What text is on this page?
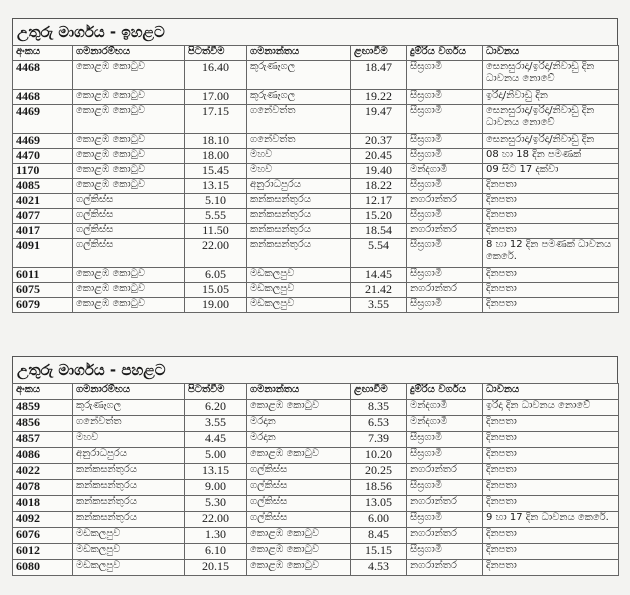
උතුරු මාර්ගය - ඉහළට
අංකය	ගමනාරම්භය	පිටත්වීම	ගමනාන්තය	ළඟාවීම	දුම්රිය වර්ගය	ධාවනය
4468	කොළඹ කොටුව	16.40	කුරුණෑගල	18.47	සීඝ්‍රගාමී	සෙනසුරාදා/ඉරිදා/නිවාඩු දින ධාවනය නොවේ
4468	කොළඹ කොටුව	17.00	කුරුණෑගල	19.22	සීඝ්‍රගාමී	ඉරිදා/නිවාඩු දින
4469	කොළඹ කොටුව	17.15	ගනේවත්ත	19.47	සීඝ්‍රගාමී	සෙනසුරාදා/ඉරිදා/නිවාඩු දින ධාවනය නොවේ
4469	කොළඹ කොටුව	18.10	ගනේවත්ත	20.37	සීඝ්‍රගාමී	සෙනසුරාදා/ඉරිදා/නිවාඩු දින
4470	කොළඹ කොටුව	18.00	මහව	20.45	සීඝ්‍රගාමී	08 හා 18 දින පමණක්
1170	කොළඹ කොටුව	15.45	මහව	19.40	මන්දගාමී	09 සිට 17 දක්වා
4085	කොළඹ කොටුව	13.15	අනුරාධපුරය	18.22	සීඝ්‍රගාමී	දිනපතා
4021	ගල්කිස්ස	5.10	කන්කසන්තුරය	12.17	නගරාන්තර	දිනපතා
4077	ගල්කිස්ස	5.55	කන්කසන්තුරය	15.20	සීඝ්‍රගාමී	දිනපතා
4017	ගල්කිස්ස	11.50	කන්කසන්තුරය	18.54	නගරාන්තර	දිනපතා
4091	ගල්කිස්ස	22.00	කන්කසන්තුරය	5.54	සීඝ්‍රගාමී	8 හා 12 දින පමණක් ධාවනය කෙරේ.
6011	කොළඹ කොටුව	6.05	මඩකලපුව	14.45	සීඝ්‍රගාමී	දිනපතා
6075	කොළඹ කොටුව	15.05	මඩකලපුව	21.42	නගරාන්තර	දිනපතා
6079	කොළඹ කොටුව	19.00	මඩකලපුව	3.55	සීඝ්‍රගාමී	දිනපතා
උතුරු මාර්ගය - පහළට
අංකය	ගමනාරම්භය	පිටත්වීම	ගමනාන්තය	ළඟාවීම	දුම්රිය වර්ගය	ධාවනය
4859	කුරුණෑගල	6.20	කොළඹ කොටුව	8.35	මන්දගාමී	ඉරිදා දින ධාවනය නොවේ
4856	ගනේවත්ත	3.55	මරදාන	6.53	මන්දගාමී	දිනපතා
4857	මහව	4.45	මරදාන	7.39	සීඝ්‍රගාමී	දිනපතා
4086	අනුරාධපුරය	5.00	කොළඹ කොටුව	10.20	සීඝ්‍රගාමී	දිනපතා
4022	කන්කසන්තුරය	13.15	ගල්කිස්ස	20.25	නගරාන්තර	දිනපතා
4078	කන්කසන්තුරය	9.00	ගල්කිස්ස	18.56	සීඝ්‍රගාමී	දිනපතා
4018	කන්කසන්තුරය	5.30	ගල්කිස්ස	13.05	නගරාන්තර	දිනපතා
4092	කන්කසන්තුරය	22.00	ගල්කිස්ස	6.00	සීඝ්‍රගාමී	9 හා 17 දින ධාවනය කෙරේ.
6076	මඩකලපුව	1.30	කොළඹ කොටුව	8.45	නගරාන්තර	දිනපතා
6012	මඩකලපුව	6.10	කොළඹ කොටුව	15.15	සීඝ්‍රගාමී	දිනපතා
6080	මඩකලපුව	20.15	කොළඹ කොටුව	4.53	නගරාන්තර	දිනපතා
